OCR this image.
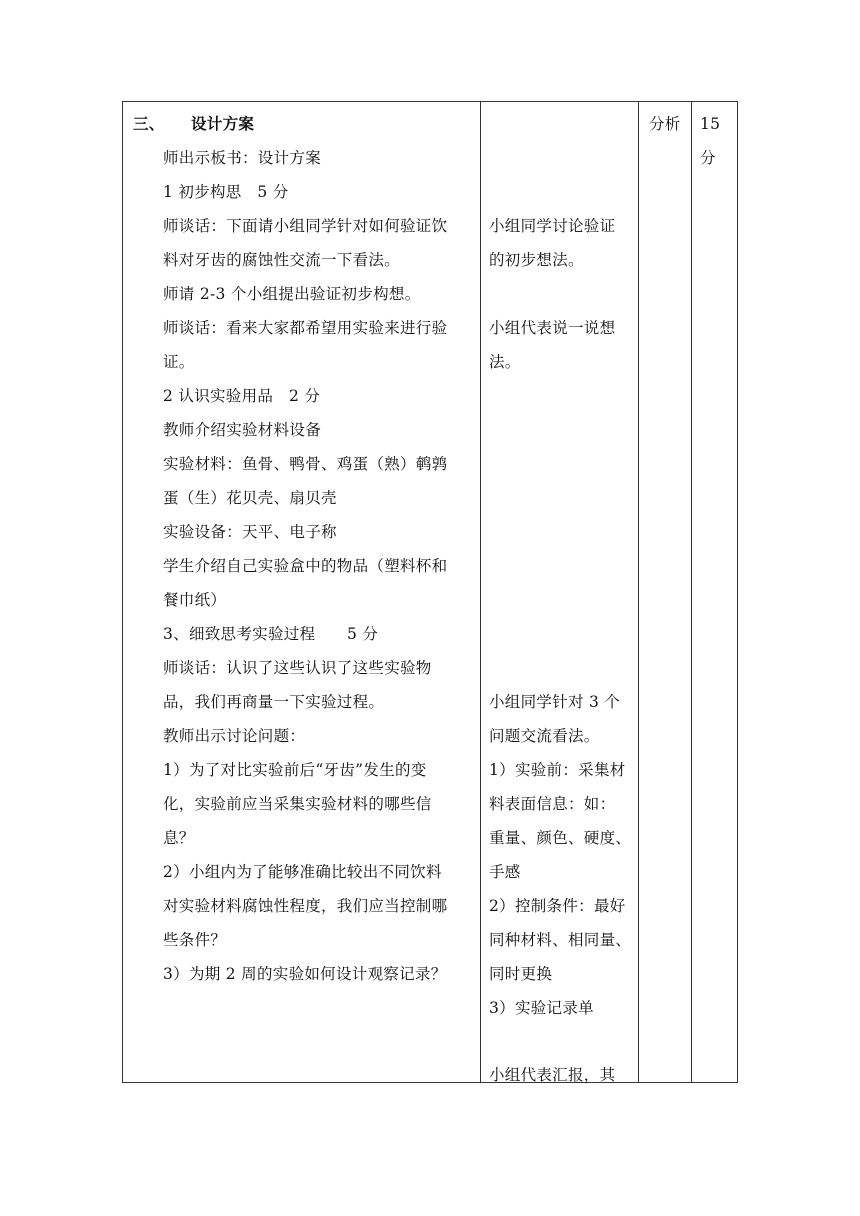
三、 设计方案
师出示板书：设计方案
1 初步构思　5 分
师谈话：下面请小组同学针对如何验证饮
料对牙齿的腐蚀性交流一下看法。
师请 2-3 个小组提出验证初步构想。
师谈话：看来大家都希望用实验来进行验
证。
2 认识实验用品　2 分
教师介绍实验材料设备
实验材料：鱼骨、鸭骨、鸡蛋（熟）鹌鹑
蛋（生）花贝壳、扇贝壳
实验设备：天平、电子称
学生介绍自己实验盒中的物品（塑料杯和
餐巾纸）
3、细致思考实验过程　　5 分
师谈话：认识了这些认识了这些实验物
品，我们再商量一下实验过程。
教师出示讨论问题：
1）为了对比实验前后“牙齿”发生的变
化，实验前应当采集实验材料的哪些信
息？
2）小组内为了能够准确比较出不同饮料
对实验材料腐蚀性程度，我们应当控制哪
些条件？
3）为期 2 周的实验如何设计观察记录？
小组同学讨论验证
的初步想法。
小组代表说一说想
法。
小组同学针对 3 个
问题交流看法。
1）实验前：采集材
料表面信息：如：
重量、颜色、硬度、
手感
2）控制条件：最好
同种材料、相同量、
同时更换
3）实验记录单
小组代表汇报，其
分析 15
分
